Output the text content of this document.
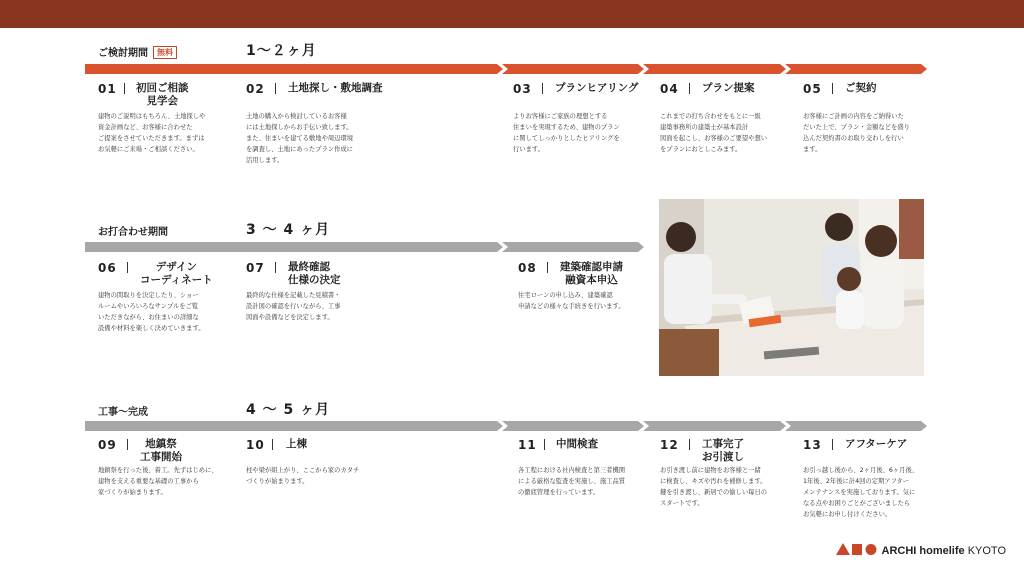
ご検討期間 無料	1～２ヶ月
お打合わせ期間	3 ～ 4 ヶ月
工事～完成	4 ～ 5 ヶ月
01 初回ご相談
見学会
建物のご説明はもちろん、土地探しや
資金計画など、お客様に合わせた
ご提案をさせていただきます。まずは
お気軽にご来場・ご相談ください。
02 土地探し・敷地調査
土地の購入から検討しているお客様
には土地探しからお手伝い致します。
また、住まいを建てる敷地や周辺環境
を調査し、土地にあったプラン作成に
活用します。
03 プランヒアリング
よりお客様にご家族の理想とする
住まいを実現するため、建物のプラン
に関してしっかりとしたヒアリングを
行います。
04 プラン提案
これまでの打ち合わせをもとに一級
建築事務所の建築士が基本設計
図面を起こし、お客様のご要望や想い
をプランにおとしこみます。
05 ご契約
お客様にご計画の内容をご納得いた
だいた上で、プラン・金額などを盛り
込んだ契約書のお取り交わしを行い
ます。
06	デザイン
コーディネート
建物の間取りを決定したり、ショー
ルームやいろいろなサンプルをご覧
いただきながら、お住まいの詳細な
設備や材料を楽しく決めていきます。
07 最終確認
仕様の決定
最終的な仕様を記載した見積書・
設計図の確認を行いながら、工事
図面や設備などを決定します。
08 建築確認申請
融資本申込
住宅ローンの申し込み、建築確認
申請などの様々な手続きを行います。
09	地鎮祭
工事開始
地鎮祭を行った後、着工。先ずはじめに、
建物を支える重要な基礎の工事から
家づくりが始まります。
10 上棟
柱や梁が組上がり、ここから家のカタチ
づくりが始まります。
11 中間検査
各工程における社内検査と第三者機関
による厳格な監査を実施し、施工品質
の徹底管理を行っています。
12 工事完了
お引渡し
お引き渡し前に建物をお客様と一緒
に検査し、キズや汚れを補修します。
鍵を引き渡し、新居での愉しい毎日の
スタートです。
13 アフターケア
お引っ越し後から、2ヶ月後、6ヶ月後、
1年後、2年後に計4回の定期アフター
メンテナンスを実施しております。気に
なる点やお困りごとがございましたら
お気軽にお申し付けください。
ARCHI homelife KYOTO
